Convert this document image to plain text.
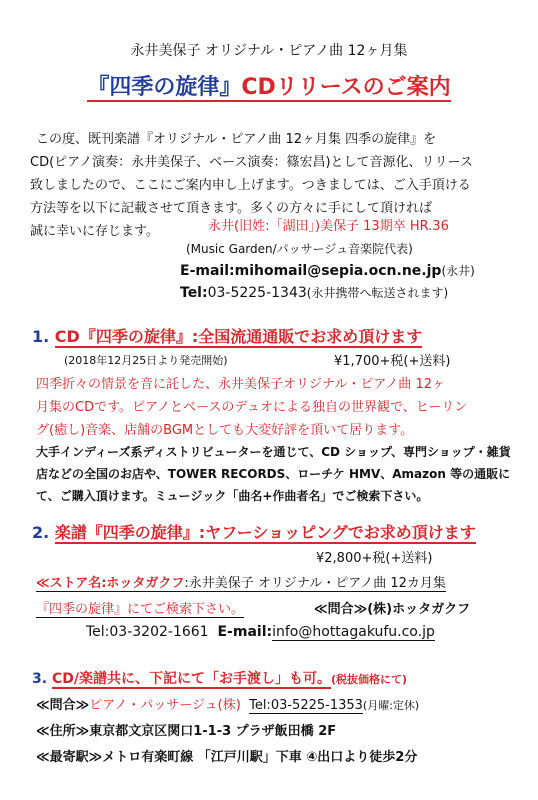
永井美保子 オリジナル・ピアノ曲 12ヶ月集
『四季の旋律』CDリリースのご案内
この度、既刊楽譜『オリジナル・ピアノ曲 12ヶ月集 四季の旋律』を
CD(ピアノ演奏：永井美保子、ベース演奏：篠宏昌)として音源化、リリース
致しましたので、ここにご案内申し上げます。つきましては、ご入手頂ける
方法等を以下に記載させて頂きます。多くの方々に手にして頂ければ
誠に幸いに存じます。	永井(旧姓:「湖田」)美保子 13期卒 HR.36
(Music Garden/パッサージュ音楽院代表)
E-mail:mihomail@sepia.ocn.ne.jp(永井)
Tel:03-5225-1343(永井携帯へ転送されます)
1. CD『四季の旋律』:全国流通通販でお求め頂けます
(2018年12月25日より発売開始)	¥1,700+税(+送料)
四季折々の情景を音に託した、永井美保子オリジナル・ピアノ曲 12ヶ
月集のCDです。ピアノとベースのデュオによる独自の世界観で、ヒーリン
グ(癒し)音楽、店舗のBGMとしても大変好評を頂いて居ります。
大手インディーズ系ディストリビューターを通じて、CD ショップ、専門ショップ・雑貨
店などの全国のお店や、TOWER RECORDS、ローチケ HMV、Amazon 等の通販に
て、ご購入頂けます。ミュージック「曲名+作曲者名」でご検索下さい。
2. 楽譜『四季の旋律』:ヤフーショッピングでお求め頂けます
¥2,800+税(+送料)
≪ストア名:ホッタガクフ:永井美保子 オリジナル・ピアノ曲 12カ月集
『四季の旋律』にてご検索下さい。	≪問合≫(株)ホッタガクフ
Tel:03-3202-1661 E-mail:info@hottagakufu.co.jp
3. CD/楽譜共に、下記にて「お手渡し」も可。(税抜価格にて)
≪問合≫ピアノ・パッサージュ(株) Tel:03-5225-1353(月曜:定休)
≪住所≫東京都文京区関口1-1-3 プラザ飯田橋 2F
≪最寄駅≫メトロ有楽町線 「江戸川駅」下車 ④出口より徒歩2分
